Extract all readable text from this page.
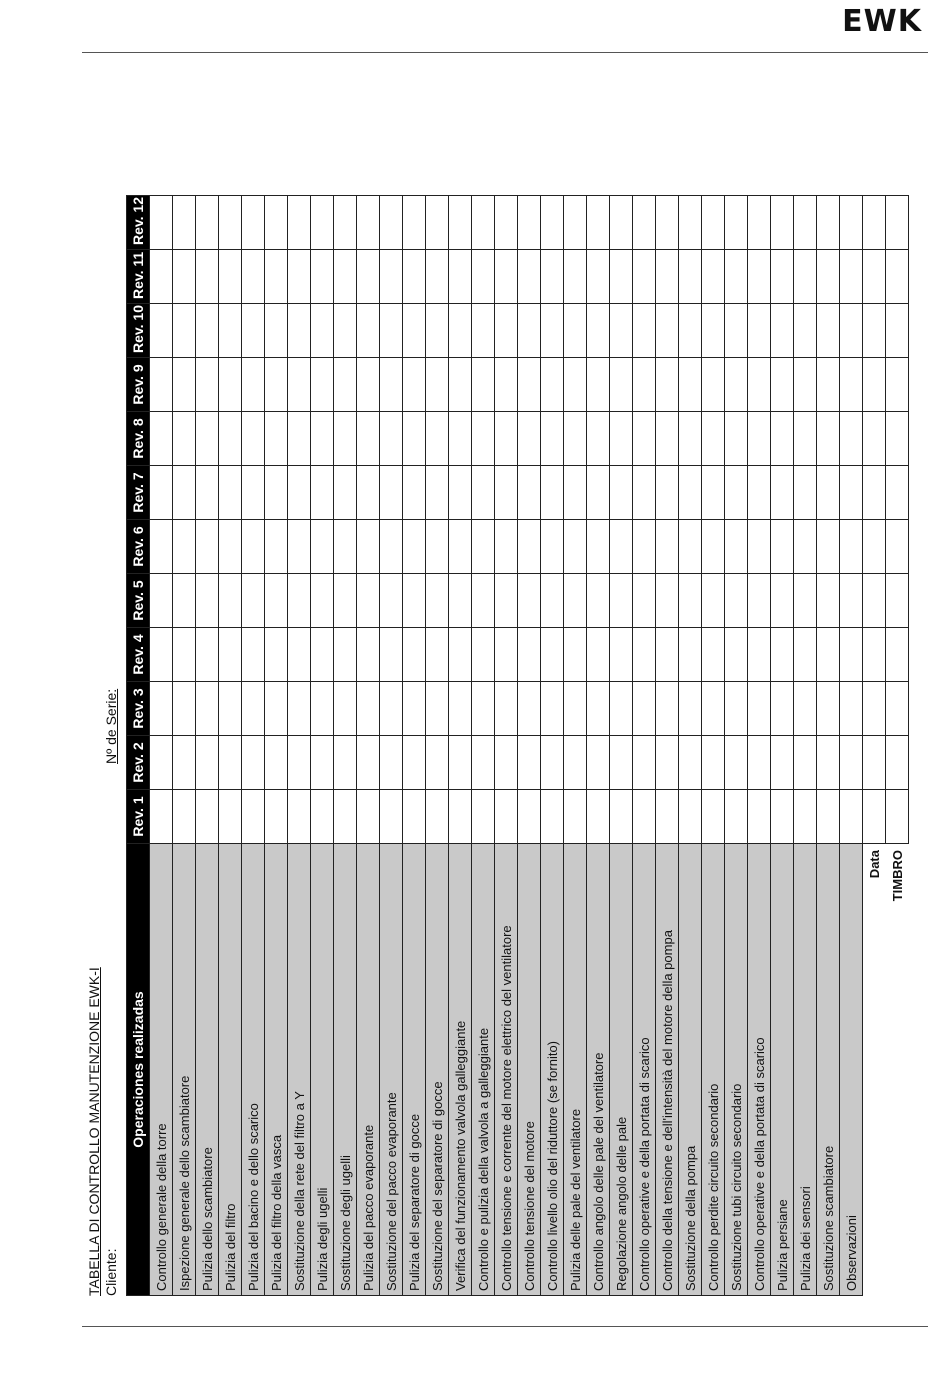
EWK
TABELLA DI CONTROLLO MANUTENZIONE EWK-I Cliente:
Nº de Serie:
Operaciones realizadas	Rev. 1	Rev. 2	Rev. 3	Rev. 4	Rev. 5	Rev. 6	Rev. 7	Rev. 8	Rev. 9	Rev. 10	Rev. 11	Rev. 12
Controllo generale della torre												
Ispezione generale dello scambiatore												
Pulizia dello scambiatore												
Pulizia del filtro												
Pulizia del bacino e dello scarico												
Pulizia del filtro della vasca												
Sostituzione della rete del filtro a Y												
Pulizia degli ugelli												
Sostituzione degli ugelli												
Pulizia del pacco evaporante												
Sostituzione del pacco evaporante												
Pulizia del separatore di gocce												
Sostituzione del separatore di gocce												
Verifica del funzionamento valvola galleggiante												
Controllo e pulizia della valvola a galleggiante												
Controllo tensione e corrente del motore elettrico del ventilatore												
Controllo tensione del motore												
Controllo livello olio del riduttore (se fornito)												
Pulizia delle pale del ventilatore												
Controllo angolo delle pale del ventilatore												
Regolazione angolo delle pale												
Controllo operative e della portata di scarico												
Controllo della tensione e dell'intensità del motore della pompa												
Sostituzione della pompa												
Controllo perdite circuito secondario												
Sostituzione tubi circuito secondario												
Controllo operative e della portata di scarico												
Pulizia persiane												
Pulizia dei sensori												
Sostituzione scambiatore												
Observazioni												
Data												
TIMBRO												
